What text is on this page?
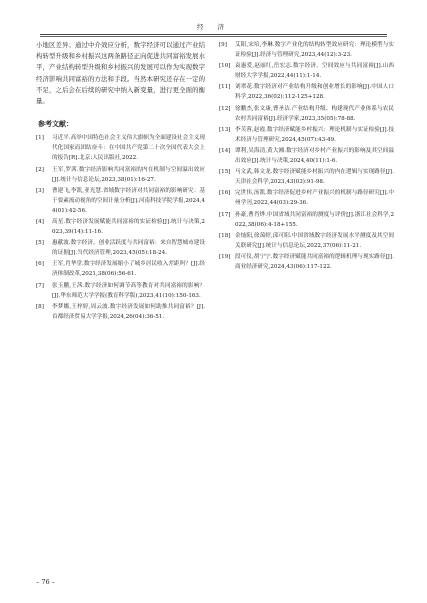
经 济

小地区差异；通过中介效应分析，数字经济可以通过产业结构转型升级和乡村振兴这两条路径正向促进共同富裕发展水平，产业结构转型升级和乡村振兴的发展可以作为实现数字经济影响共同富裕的方法和手段。当然本研究还存在一定的不足，之后会在后续的研究中纳入新变量，进行更全面的衡量。

参考文献：
[1] 习近平.高举中国特色社会主义伟大旗帜为全面建设社会主义现代化国家而团结奋斗：在中国共产党第二十次全国代表大会上的报告[R].北京:人民出版社,2022.
[2] 王军,罗茜.数字经济影响共同富裕的内在机制与空间溢出效应[J].统计与信息论坛,2023,38(01):16-27.
[3] 曹建飞,李凯,亚光慧.省域数字经济对共同富裕的影响研究：基于要素流动视角的空间计量分析[J].河南科技学院学报,2024,44(01):42-56.
[4] 高星.数字经济发展赋能共同富裕的实证检验[J].统计与决策,2023,39(14):11-16.
[5] 惠献波.数字经济、创业活跃度与共同富裕：来自智慧城市建设的证据[J].当代经济管理,2023,45(05):18-24.
[6] 王军,肖华堂.数字经济发展缩小了城乡居民收入差距吗？[J].经济体制改革,2021,38(06):56-61.
[7] 张玉鹏,王茜.数字经济如何调节高等教育对共同富裕的影响？[J].华东师范大学学报(教育科学版),2023,41(10):150-163.
[8] 李梦娜,王梓婷,周云波.数字经济发展如何助推共同富裕？[J].首都经济贸易大学学报,2024,26(04):36-51.
[9] 艾阳,宋培,李琳.数字产业化的结构转型效应研究：理论模型与实证检验[J].经济与管理研究,2023,44(12):3-23.
[10] 袁惠爱,赵丽红,岳宏志.数字经济、空间效应与共同富裕[J].山西财经大学学报,2022,44(11):1-14.
[11] 刘翠花.数字经济对产业结构升级和创业增长的影响[J].中国人口科学,2022,36(02):112-125+128.
[12] 徐鹏杰,张文康,曹圣洁.产业结构升级、构建现代产业体系与农民农村共同富裕[J].经济学家,2023,35(05):78-88.
[13] 李芙蓉,赵霞.数字经济赋能乡村振兴：理论机制与实证检验[J].技术经济与管理研究,2024,45(07):43-49.
[14] 谭利,吴海清,黄大湘.数字经济对乡村产业振兴的影响及其空间溢出效应[J].统计与决策,2024,40(11):1-6.
[15] 马文武,韩文龙.数字经济赋能乡村振兴的内在逻辑与实现路径[J].天津社会科学,2023,43(03):91-98.
[16] 完世伟,汤凯.数字经济促进乡村产业振兴的机制与路径研究[J].中州学刊,2022,44(03):29-36.
[17] 孙豪,曹肖烨.中国省域共同富裕的测度与评价[J].浙江社会科学,2022,38(06):4-18+155.
[18] 金灿阳,徐蔼婷,邱可阳.中国省域数字经济发展水平测度及其空间关联研究[J].统计与信息论坛,2022,37(06):11-21.
[19] 段可仪,胡宁宁.数字经济赋能共同富裕的逻辑机理与现实路径[J].商业经济研究,2024,43(06):117-122.
– 76 –
